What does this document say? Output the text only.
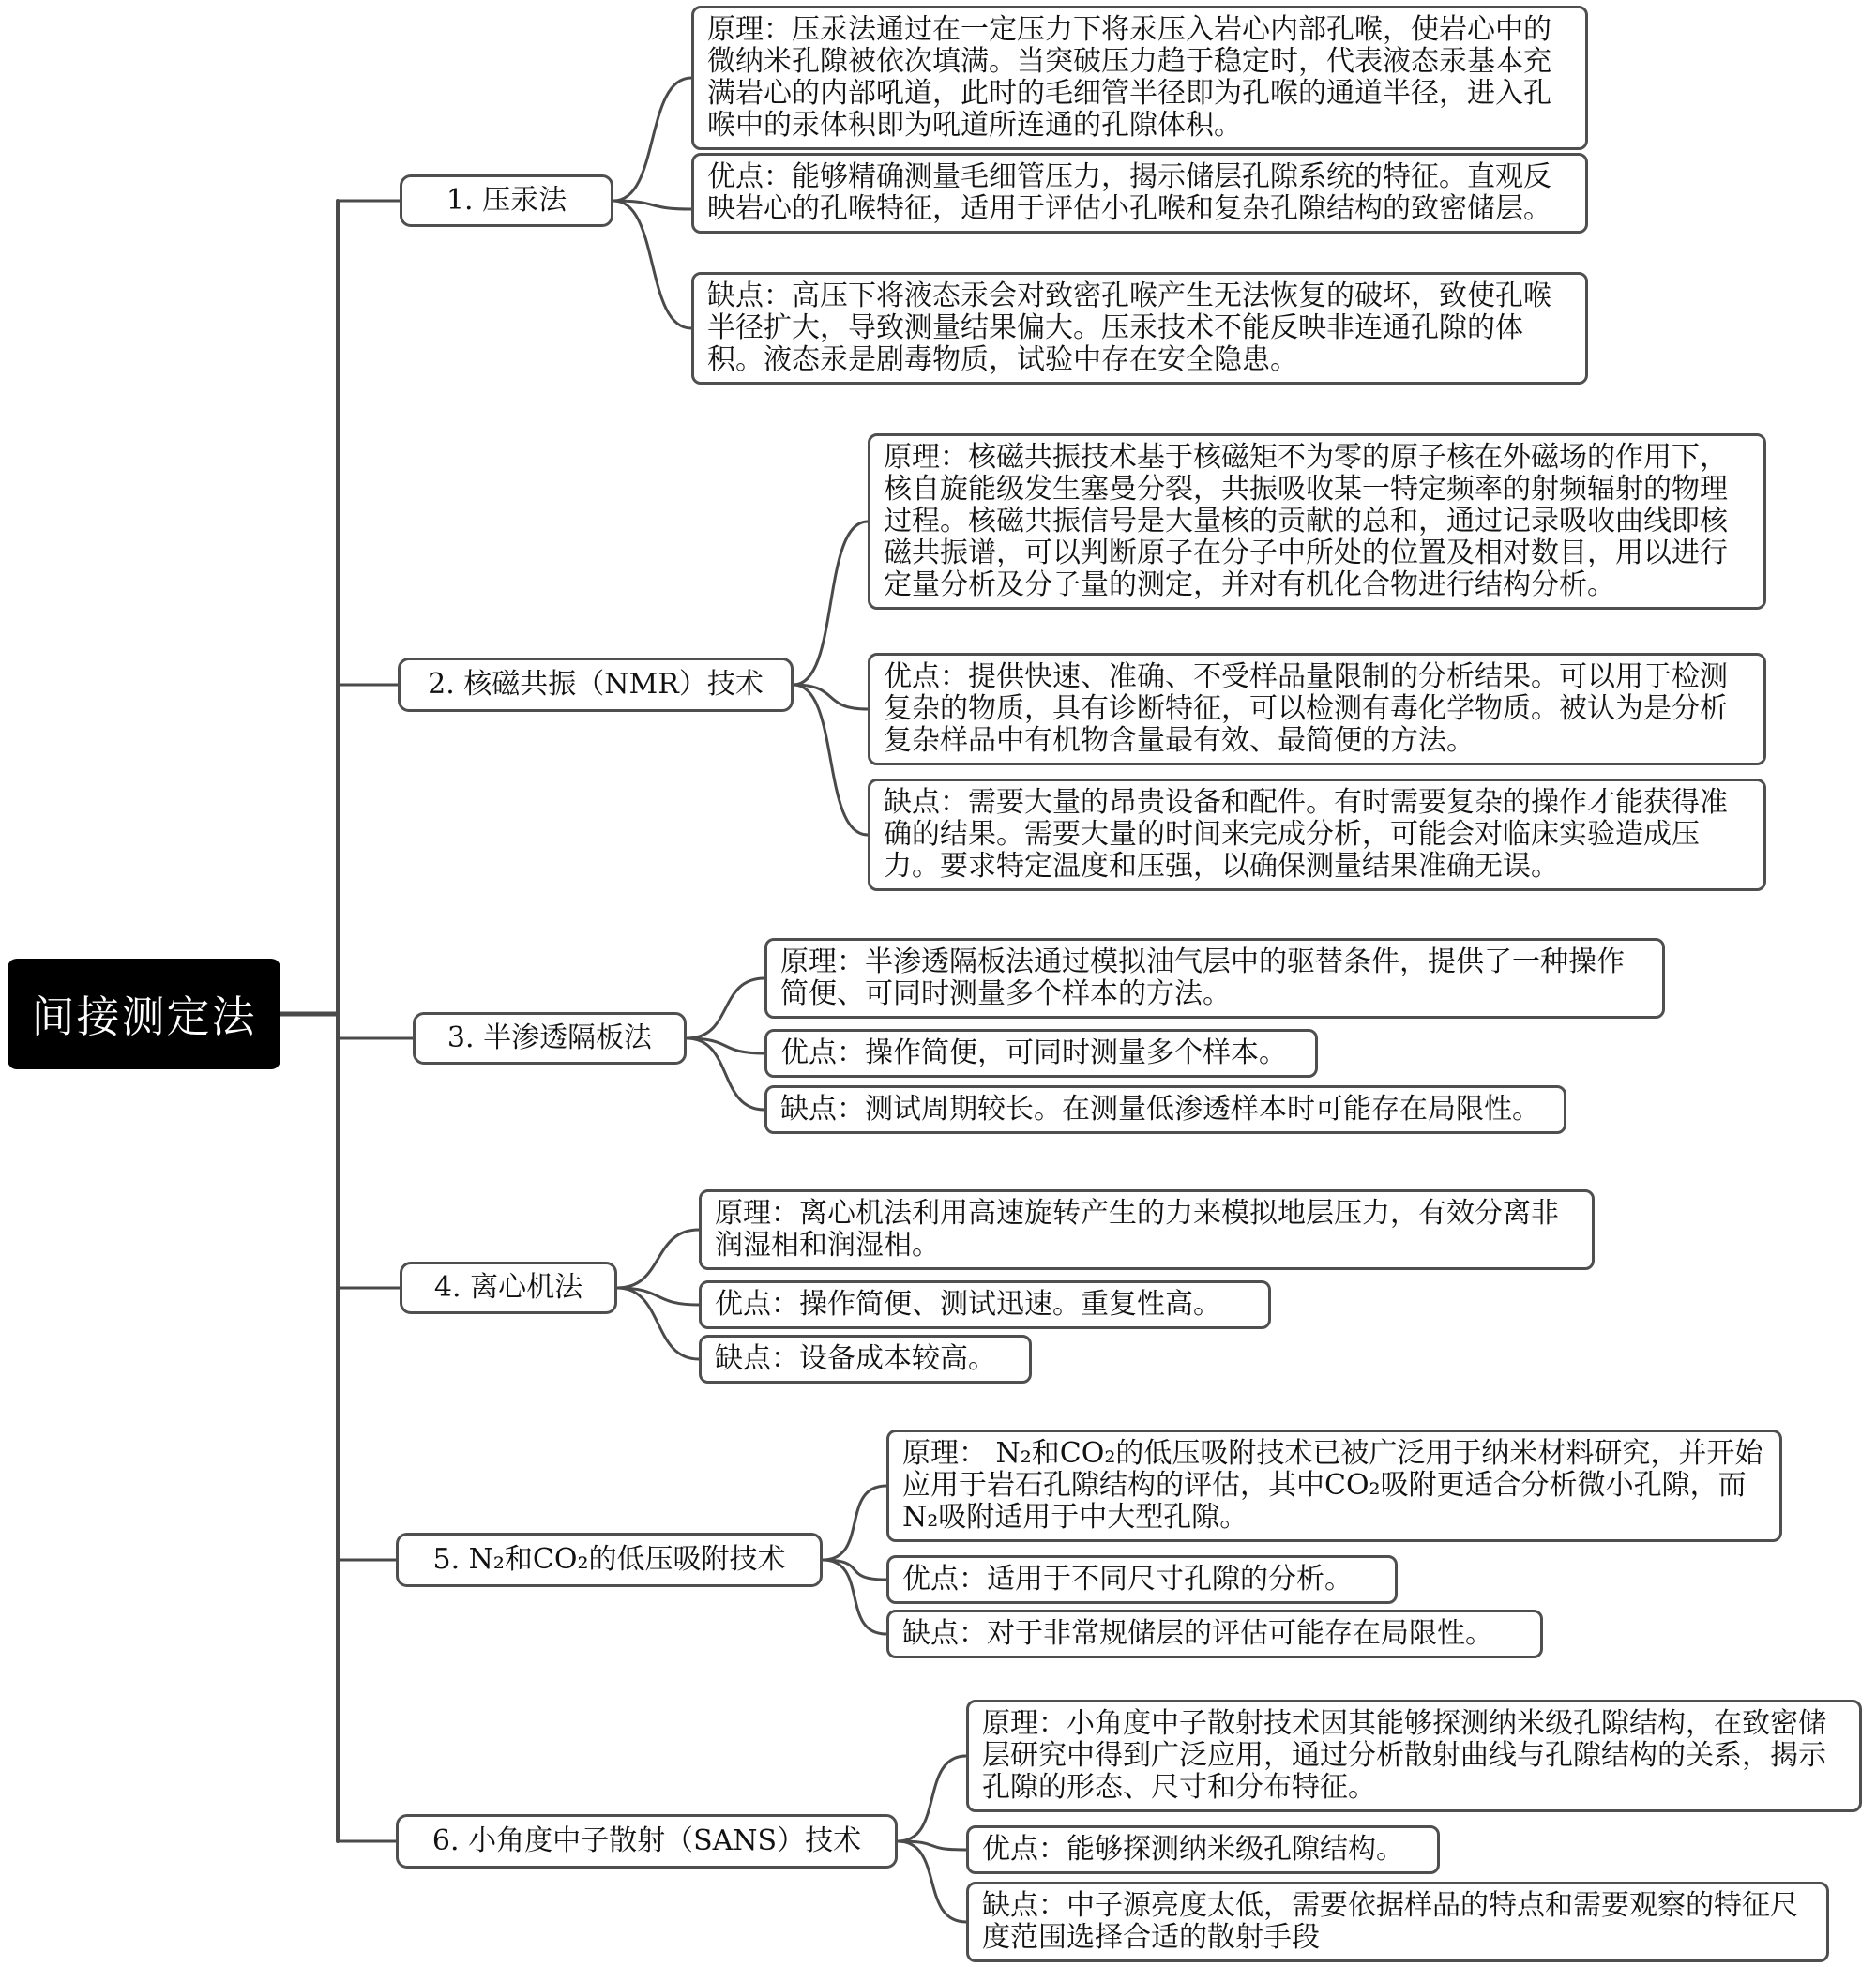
间接测定法
1. 压汞法
原理：压汞法通过在一定压力下将汞压入岩心内部孔喉，使岩心中的微纳米孔隙被依次填满。当突破压力趋于稳定时，代表液态汞基本充满岩心的内部吼道，此时的毛细管半径即为孔喉的通道半径，进入孔喉中的汞体积即为吼道所连通的孔隙体积。
优点：能够精确测量毛细管压力，揭示储层孔隙系统的特征。直观反映岩心的孔喉特征，适用于评估小孔喉和复杂孔隙结构的致密储层。
缺点：高压下将液态汞会对致密孔喉产生无法恢复的破坏，致使孔喉半径扩大，导致测量结果偏大。压汞技术不能反映非连通孔隙的体积。液态汞是剧毒物质，试验中存在安全隐患。
2. 核磁共振（NMR）技术
原理：核磁共振技术基于核磁矩不为零的原子核在外磁场的作用下，核自旋能级发生塞曼分裂，共振吸收某一特定频率的射频辐射的物理过程。核磁共振信号是大量核的贡献的总和，通过记录吸收曲线即核磁共振谱，可以判断原子在分子中所处的位置及相对数目，用以进行定量分析及分子量的测定，并对有机化合物进行结构分析。
优点：提供快速、准确、不受样品量限制的分析结果。可以用于检测复杂的物质，具有诊断特征，可以检测有毒化学物质。被认为是分析复杂样品中有机物含量最有效、最简便的方法。
缺点：需要大量的昂贵设备和配件。有时需要复杂的操作才能获得准确的结果。需要大量的时间来完成分析，可能会对临床实验造成压力。要求特定温度和压强，以确保测量结果准确无误。
3. 半渗透隔板法
原理：半渗透隔板法通过模拟油气层中的驱替条件，提供了一种操作简便、可同时测量多个样本的方法。
优点：操作简便，可同时测量多个样本。
缺点：测试周期较长。在测量低渗透样本时可能存在局限性。
4. 离心机法
原理：离心机法利用高速旋转产生的力来模拟地层压力，有效分离非润湿相和润湿相。
优点：操作简便、测试迅速。重复性高。
缺点：设备成本较高。
5. N₂和CO₂的低压吸附技术
原理： N₂和CO₂的低压吸附技术已被广泛用于纳米材料研究，并开始应用于岩石孔隙结构的评估，其中CO₂吸附更适合分析微小孔隙，而N₂吸附适用于中大型孔隙。
优点：适用于不同尺寸孔隙的分析。
缺点：对于非常规储层的评估可能存在局限性。
6. 小角度中子散射（SANS）技术
原理：小角度中子散射技术因其能够探测纳米级孔隙结构，在致密储层研究中得到广泛应用，通过分析散射曲线与孔隙结构的关系，揭示孔隙的形态、尺寸和分布特征。
优点：能够探测纳米级孔隙结构。
缺点：中子源亮度太低，需要依据样品的特点和需要观察的特征尺度范围选择合适的散射手段
